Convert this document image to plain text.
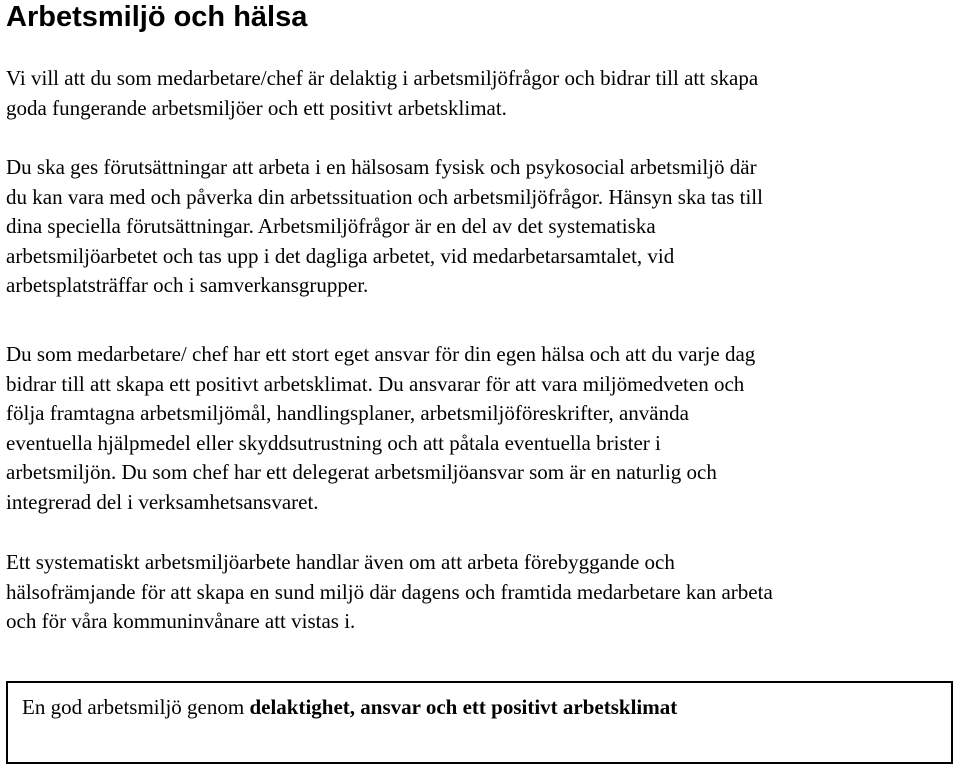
Arbetsmiljö och hälsa

Vi vill att du som medarbetare/chef är delaktig i arbetsmiljöfrågor och bidrar till att skapa
goda fungerande arbetsmiljöer och ett positivt arbetsklimat.

Du ska ges förutsättningar att arbeta i en hälsosam fysisk och psykosocial arbetsmiljö där
du kan vara med och påverka din arbetssituation och arbetsmiljöfrågor. Hänsyn ska tas till
dina speciella förutsättningar. Arbetsmiljöfrågor är en del av det systematiska
arbetsmiljöarbetet och tas upp i det dagliga arbetet, vid medarbetarsamtalet, vid
arbetsplatsträffar och i samverkansgrupper.

Du som medarbetare/ chef har ett stort eget ansvar för din egen hälsa och att du varje dag
bidrar till att skapa ett positivt arbetsklimat. Du ansvarar för att vara miljömedveten och
följa framtagna arbetsmiljömål, handlingsplaner, arbetsmiljöföreskrifter, använda
eventuella hjälpmedel eller skyddsutrustning och att påtala eventuella brister i
arbetsmiljön. Du som chef har ett delegerat arbetsmiljöansvar som är en naturlig och
integrerad del i verksamhetsansvaret.

Ett systematiskt arbetsmiljöarbete handlar även om att arbeta förebyggande och
hälsofrämjande för att skapa en sund miljö där dagens och framtida medarbetare kan arbeta
och för våra kommuninvånare att vistas i.

En god arbetsmiljö genom delaktighet, ansvar och ett positivt arbetsklimat
